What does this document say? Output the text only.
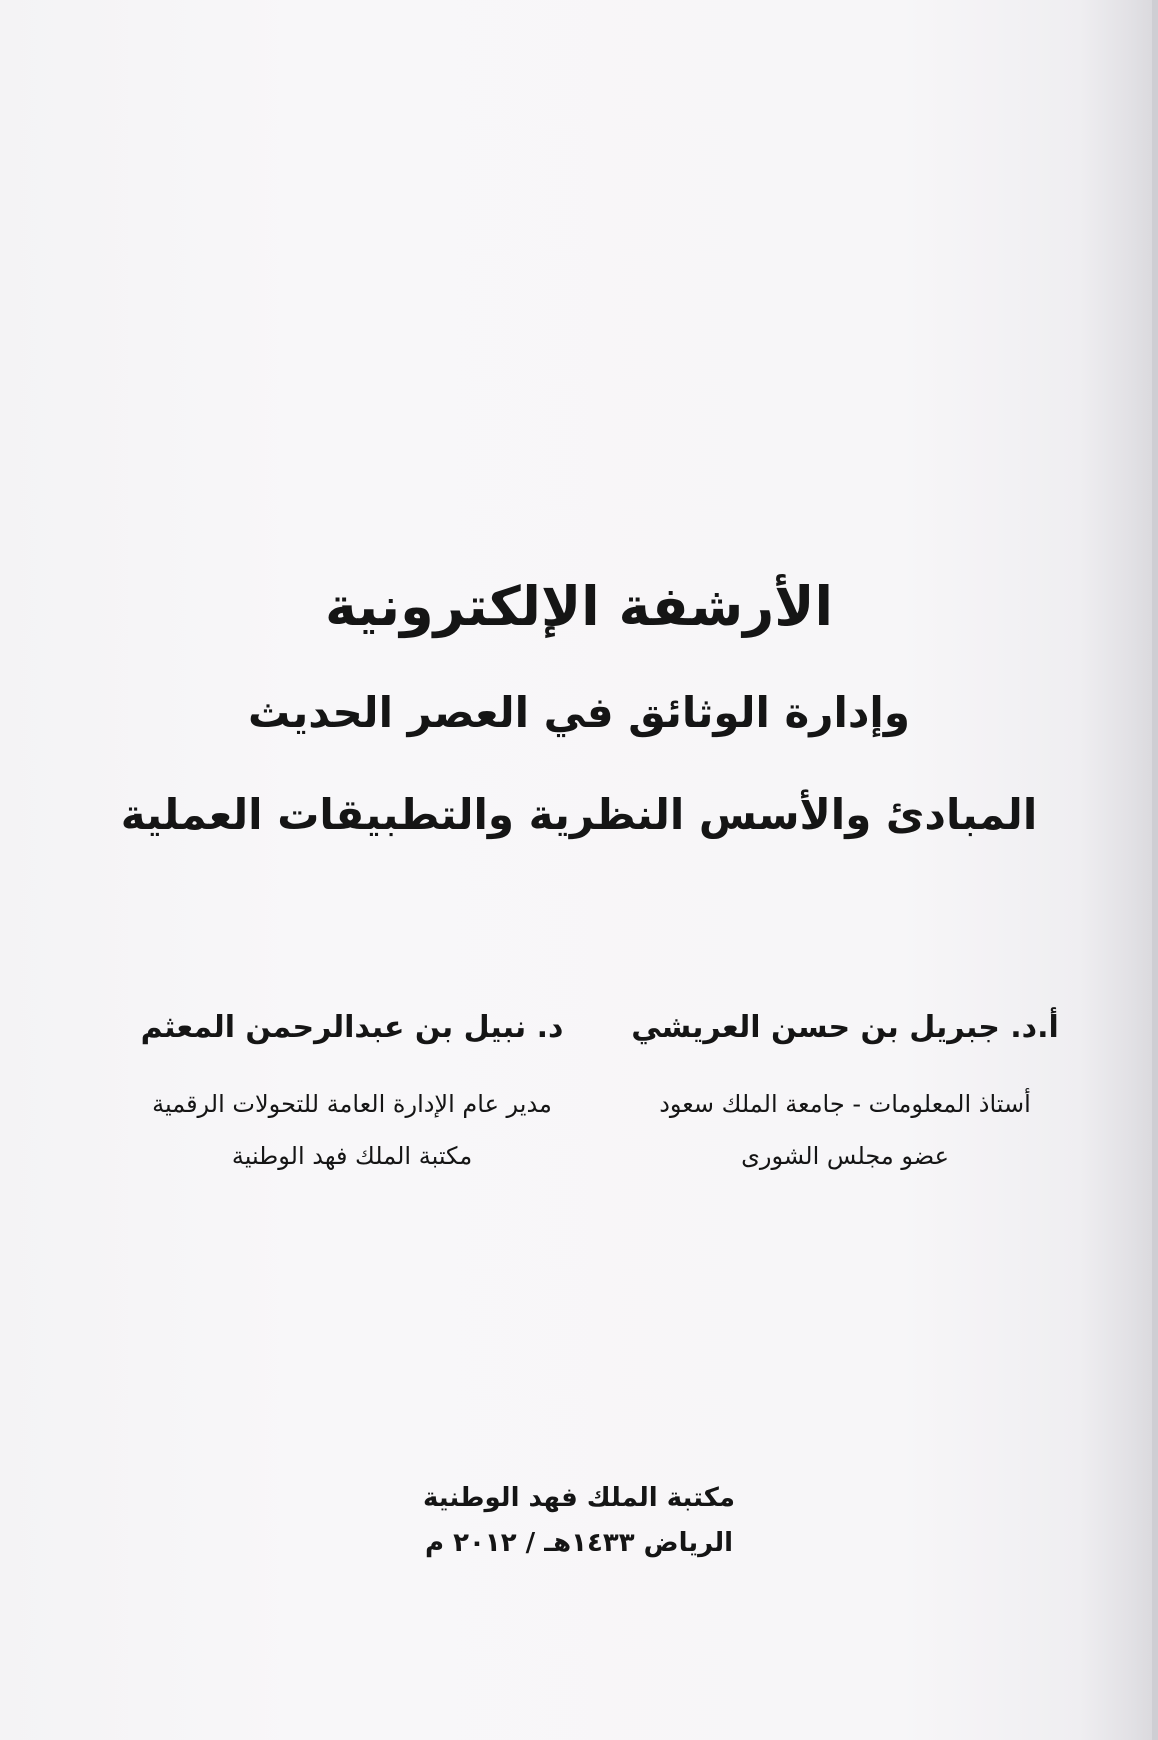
الأرشفة الإلكترونية
وإدارة الوثائق في العصر الحديث
المبادئ والأسس النظرية والتطبيقات العملية
أ.د. جبريل بن حسن العريشي
أستاذ المعلومات - جامعة الملك سعود
عضو مجلس الشورى
د. نبيل بن عبدالرحمن المعثم
مدير عام الإدارة العامة للتحولات الرقمية
مكتبة الملك فهد الوطنية
مكتبة الملك فهد الوطنية
الرياض ١٤٣٣هـ / ٢٠١٢ م
